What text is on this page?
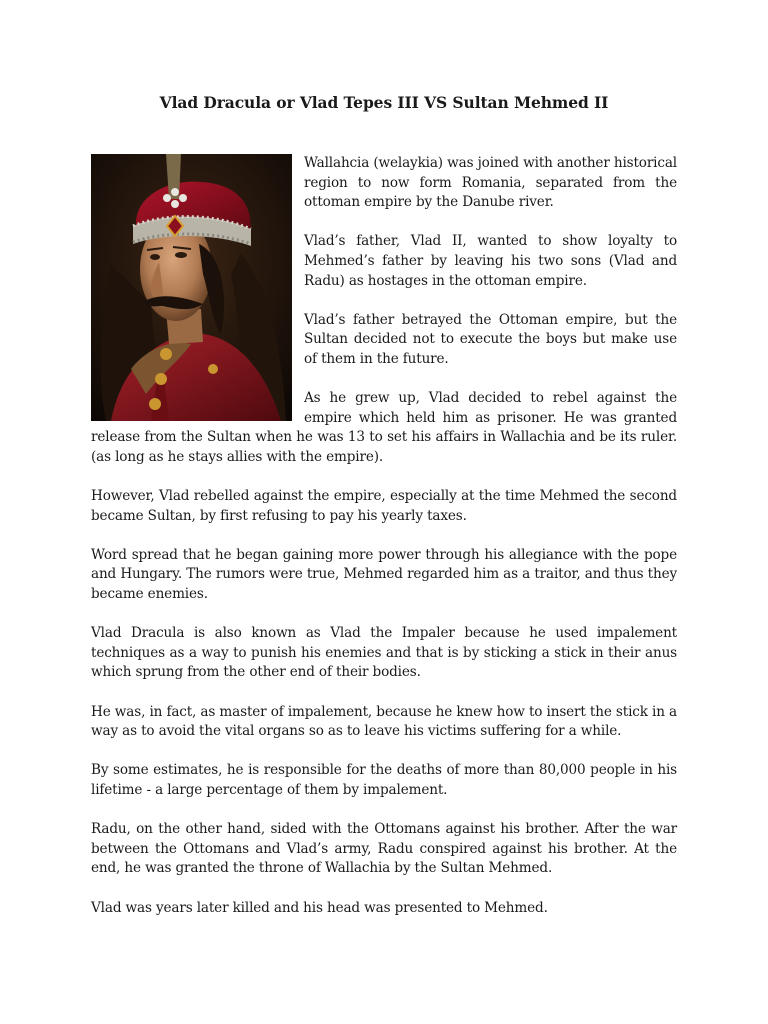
Vlad Dracula or Vlad Tepes III VS Sultan Mehmed II

Wallahcia (welaykia) was joined with another historical region to now form Romania, separated from the ottoman empire by the Danube river.

Vlad’s father, Vlad II, wanted to show loyalty to Mehmed’s father by leaving his two sons (Vlad and Radu) as hostages in the ottoman empire.

Vlad’s father betrayed the Ottoman empire, but the Sultan decided not to execute the boys but make use of them in the future.

As he grew up, Vlad decided to rebel against the empire which held him as prisoner. He was granted release from the Sultan when he was 13 to set his affairs in Wallachia and be its ruler. (as long as he stays allies with the empire).

However, Vlad rebelled against the empire, especially at the time Mehmed the second became Sultan, by first refusing to pay his yearly taxes.

Word spread that he began gaining more power through his allegiance with the pope and Hungary. The rumors were true, Mehmed regarded him as a traitor, and thus they became enemies.

Vlad Dracula is also known as Vlad the Impaler because he used impalement techniques as a way to punish his enemies and that is by sticking a stick in their anus which sprung from the other end of their bodies.

He was, in fact, as master of impalement, because he knew how to insert the stick in a way as to avoid the vital organs so as to leave his victims suffering for a while.

By some estimates, he is responsible for the deaths of more than 80,000 people in his lifetime - a large percentage of them by impalement.

Radu, on the other hand, sided with the Ottomans against his brother. After the war between the Ottomans and Vlad’s army, Radu conspired against his brother. At the end, he was granted the throne of Wallachia by the Sultan Mehmed.

Vlad was years later killed and his head was presented to Mehmed.
